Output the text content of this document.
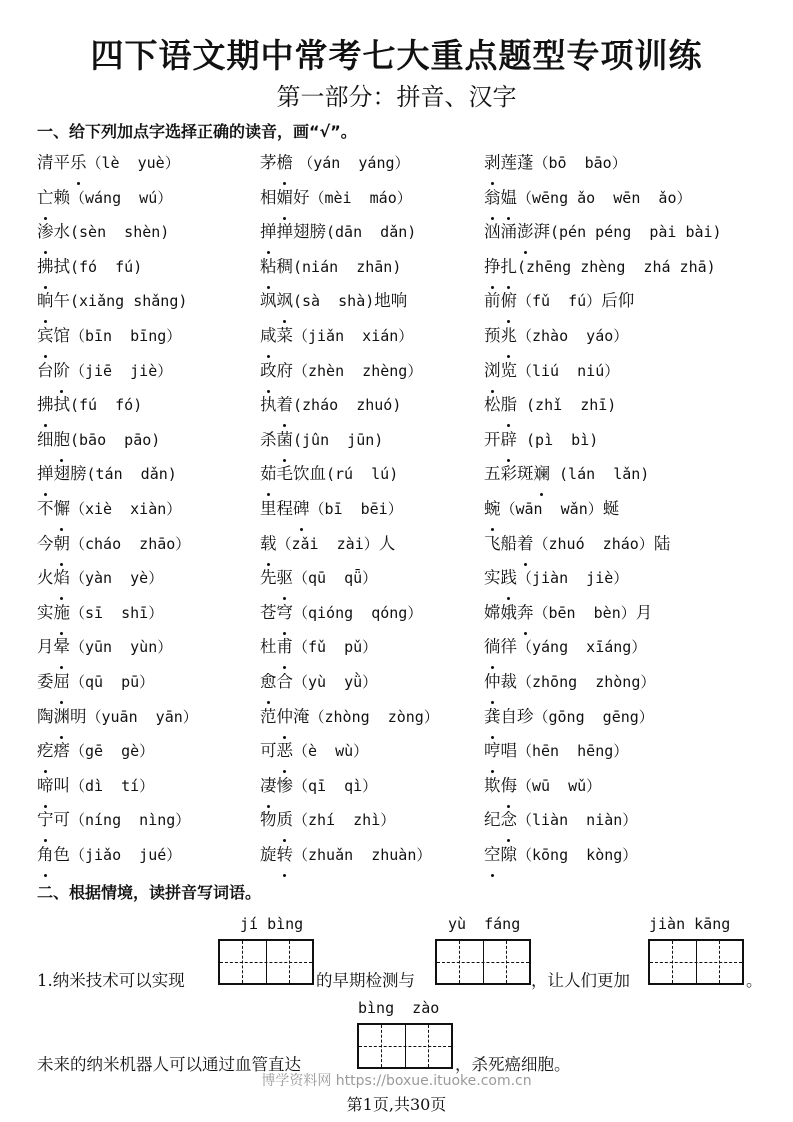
四下语文期中常考七大重点题型专项训练
第一部分：拼音、汉字
一、给下列加点字选择正确的读音，画“√”。
清平乐（lè  yuè）	茅檐 （yán  yáng）	剥莲蓬（bō  bāo）
亡赖（wáng  wú）	相媚好（mèi  máo）	翁媪（wēng ǎo  wēn  ǎo）
渗水(sèn  shèn)	掸掸翅膀(dān  dǎn)	汹涌澎湃(pén péng  pài bài)
拂拭(fó  fú)	粘稠(nián  zhān)	挣扎(zhēng zhèng  zhá zhā)
晌午(xiǎng shǎng)	飒飒(sà  shà)地响	前俯（fǔ  fú）后仰
宾馆（bīn  bīng）	咸菜（jiǎn  xián）	预兆（zhào  yáo）
台阶（jiē  jiè）	政府（zhèn  zhèng）	浏览（liú  niú）
拂拭(fú  fó)	执着(zháo  zhuó)	松脂 (zhǐ  zhī)
细胞(bāo  pāo)	杀菌(jûn  jūn)	开辟 (pì  bì)
掸翅膀(tán  dǎn)	茹毛饮血(rú  lú)	五彩斑斓 (lán  lǎn)
不懈（xiè  xiàn）	里程碑（bī  bēi）	蜿（wān  wǎn）蜒
今朝（cháo  zhāo）	载（zǎi  zài）人	飞船着（zhuó  zháo）陆
火焰（yàn  yè）	先驱（qū  qǖ）	实践（jiàn  jiè）
实施（sī  shī）	苍穹（qióng  qóng）	嫦娥奔（bēn  bèn）月
月晕（yūn  yùn）	杜甫（fǔ  pǔ）	徜徉（yáng  xīáng）
委屈（qū  pū）	愈合（yù  yǜ）	仲裁（zhōng  zhòng）
陶渊明（yuān  yān）	范仲淹（zhòng  zòng）	龚自珍（gōng  gēng）
疙瘩（gē  gè）	可恶（è  wù）	哼唱（hēn  hēng）
啼叫（dì  tí）	凄惨（qī  qì）	欺侮（wū  wǔ）
宁可（níng  nìng）	物质（zhí  zhì）	纪念（liàn  niàn）
角色（jiǎo  jué）	旋转（zhuǎn  zhuàn）	空隙（kōng  kòng）
二、根据情境，读拼音写词语。
jí bìng	yù  fáng	jiàn kāng
1.纳米技术可以实现	的早期检测与	，让人们更加	。
bìng  zào
未来的纳米机器人可以通过血管直达	，杀死癌细胞。
博学资料网 https://boxue.ituoke.com.cn
第1页,共30页
